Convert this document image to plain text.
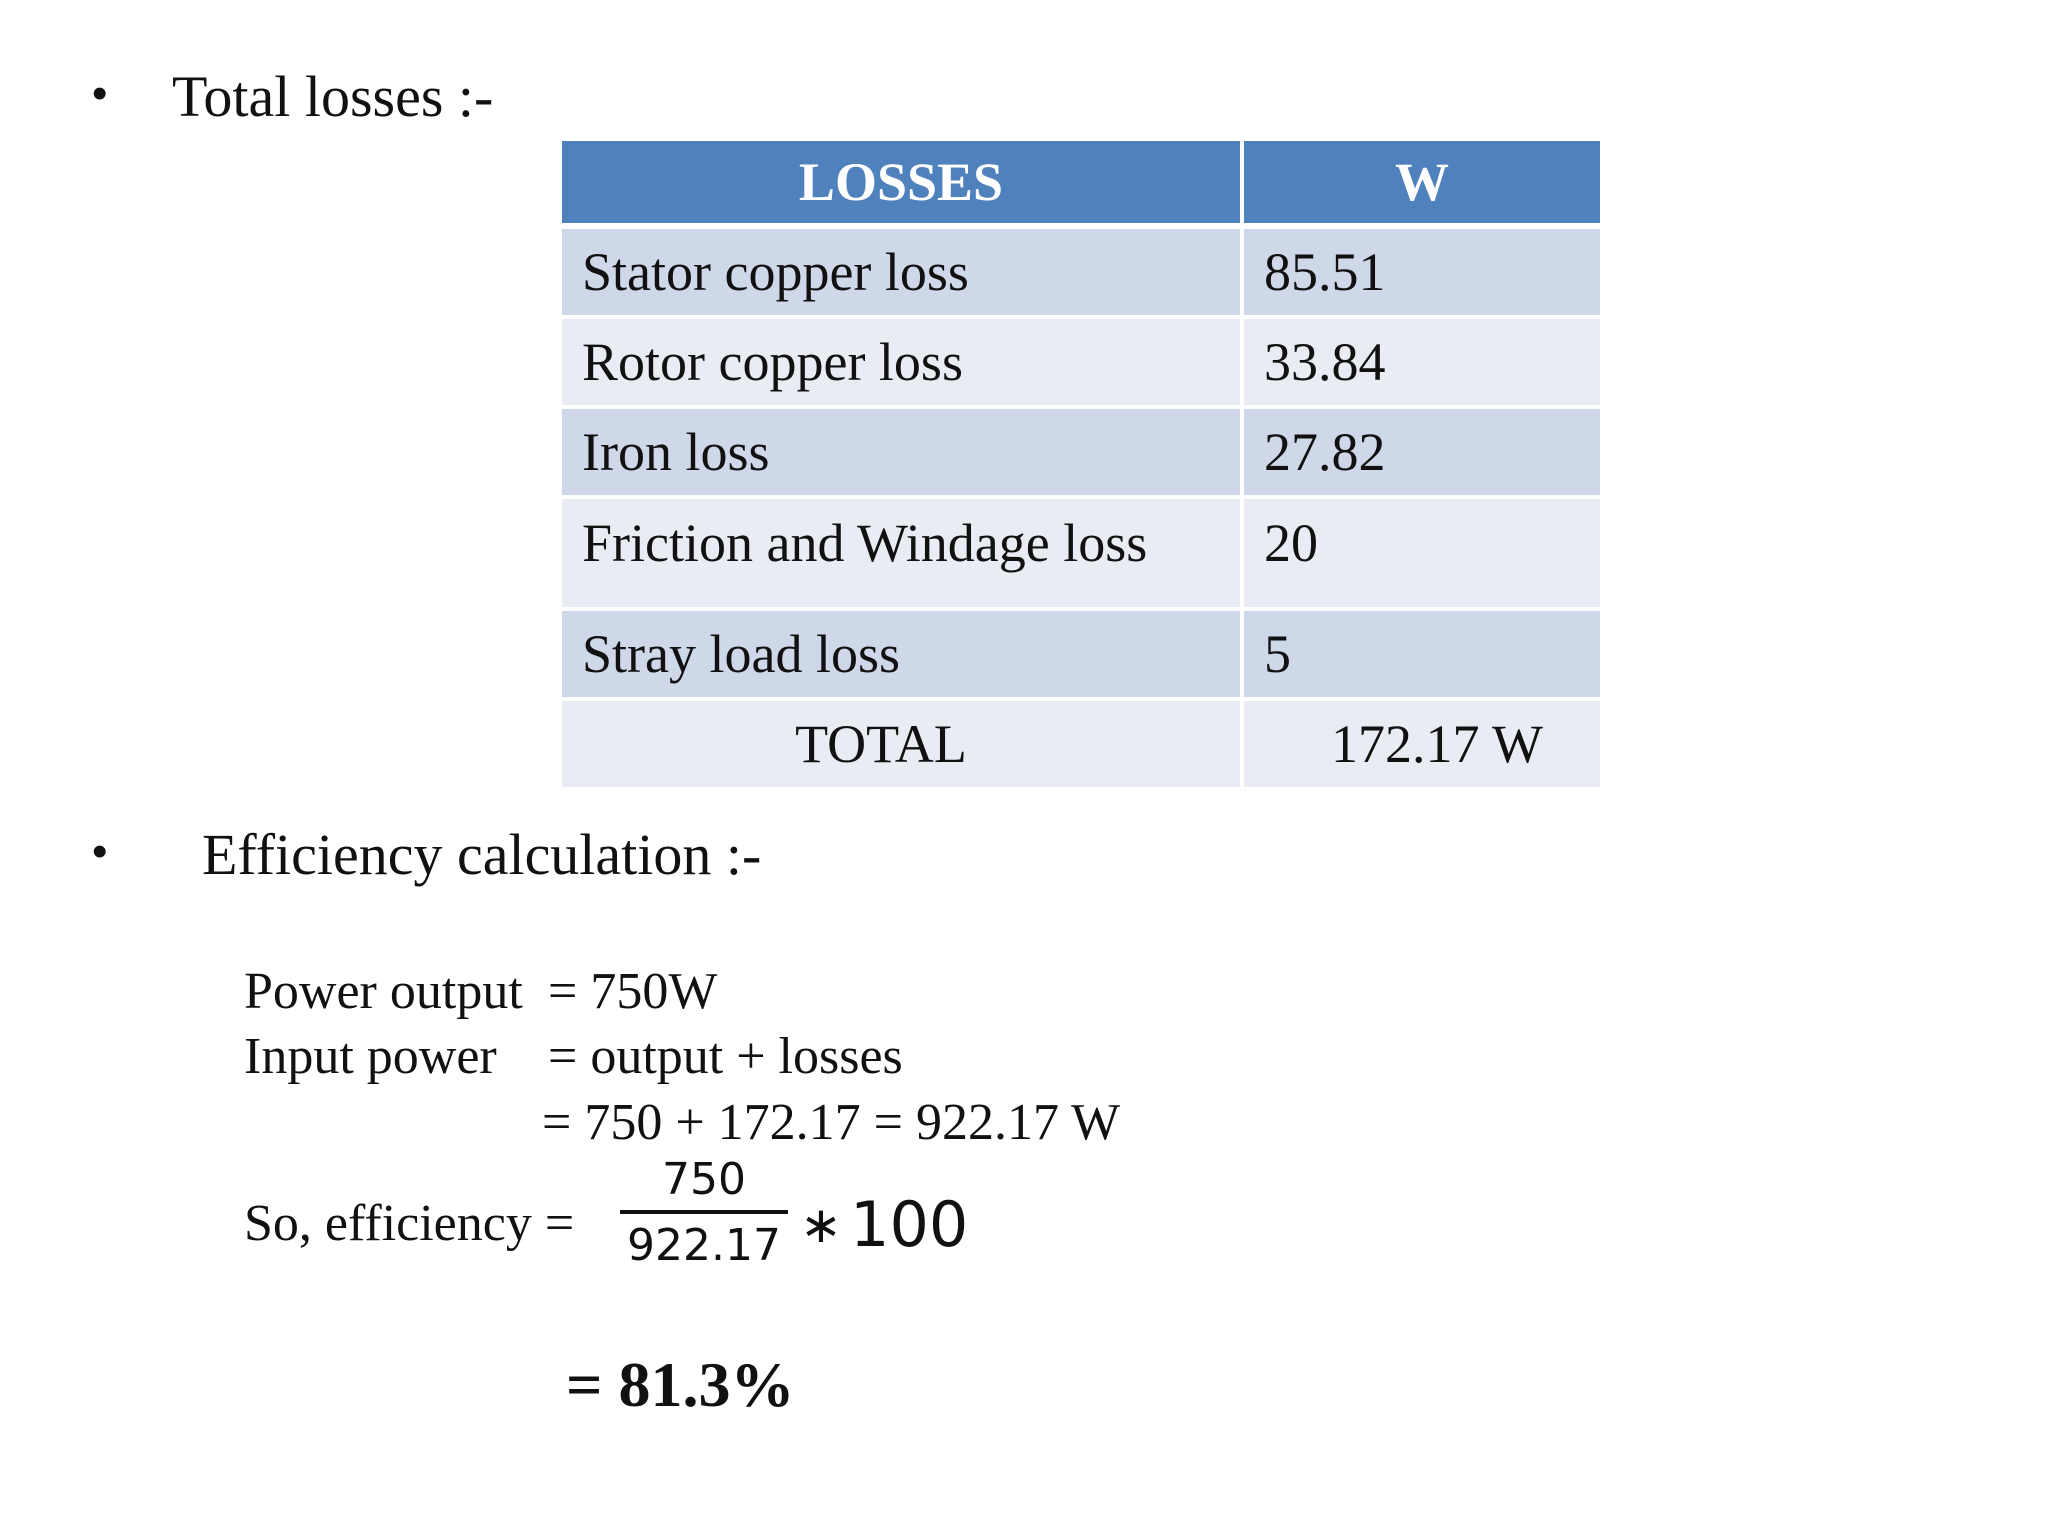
• Total losses :-
LOSSES	W
Stator copper loss	85.51
Rotor copper loss	33.84
Iron loss	27.82
Friction and Windage loss	20
Stray load loss	5
TOTAL	172.17 W
• Efficiency calculation :-
Power output = 750W
Input power = output + losses
= 750 + 172.17 = 922.17 W
So, efficiency =
750
922.17 ∗ 100
= 81.3%
